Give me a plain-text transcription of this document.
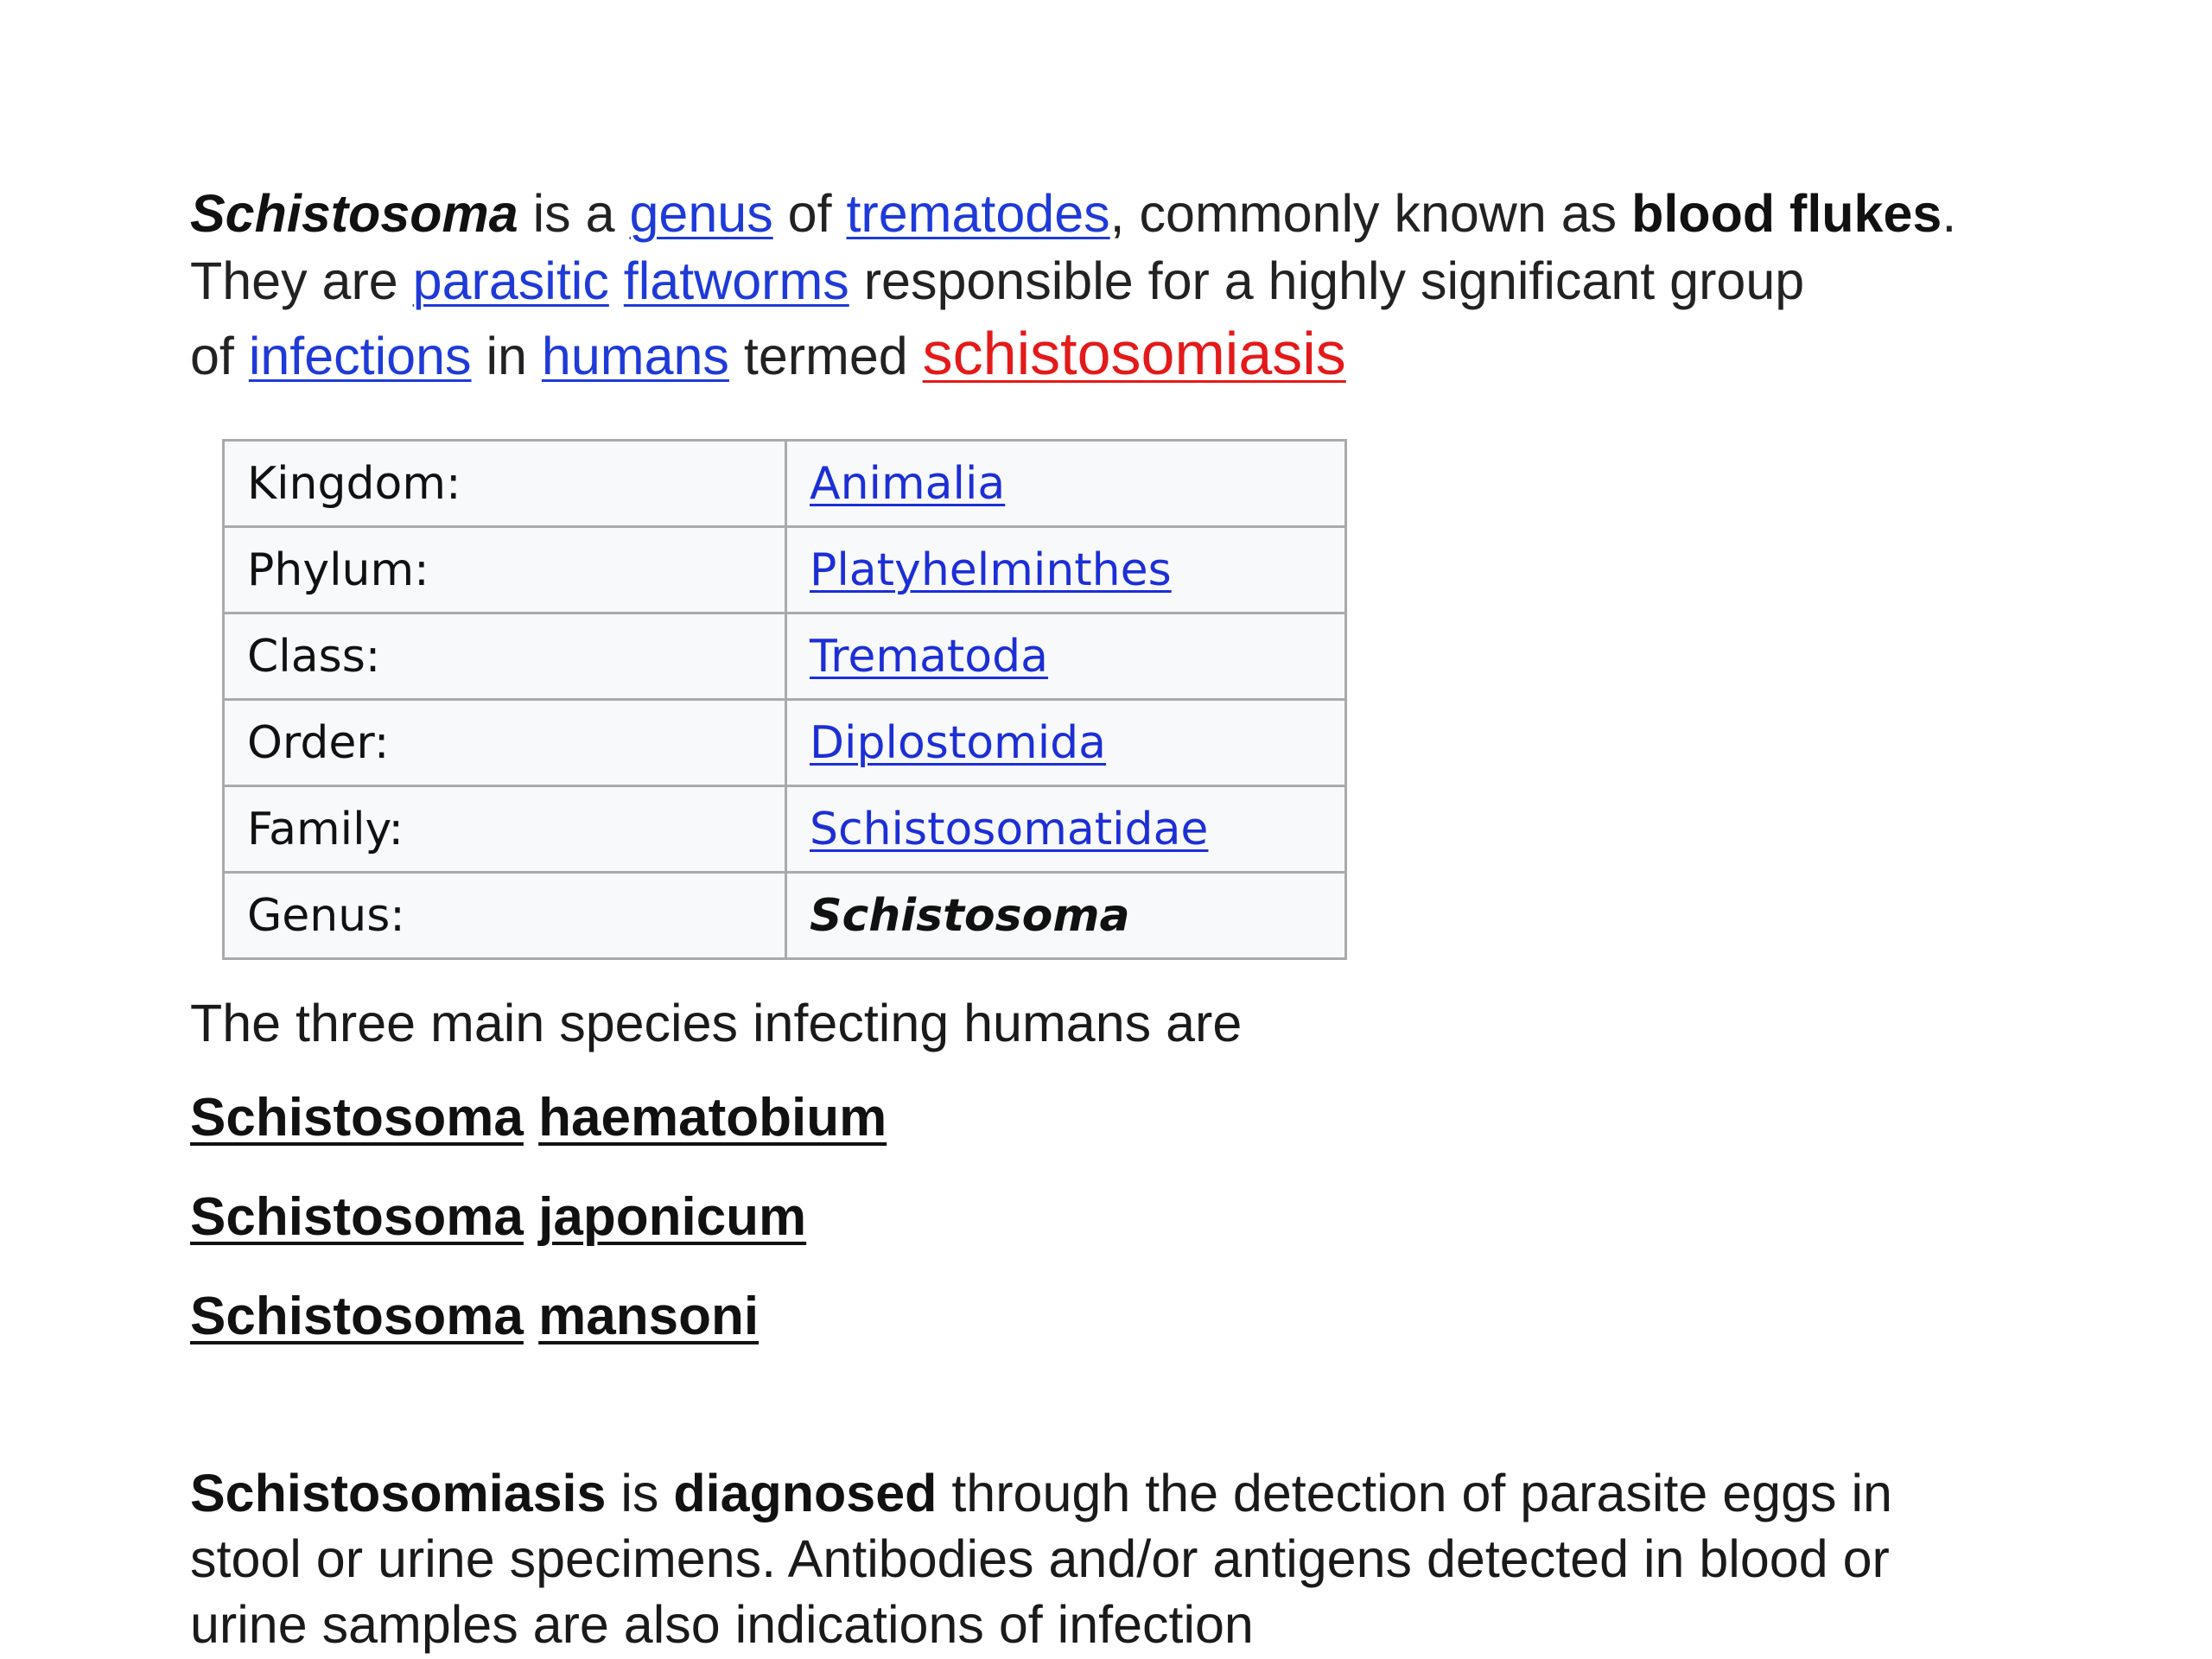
Schistosoma is a genus of trematodes, commonly known as blood flukes.
They are parasitic flatworms responsible for a highly significant group
of infections in humans termed schistosomiasis

Kingdom:	Animalia
Phylum:	Platyhelminthes
Class:	Trematoda
Order:	Diplostomida
Family:	Schistosomatidae
Genus:	Schistosoma

The three main species infecting humans are

Schistosoma haematobium

Schistosoma japonicum

Schistosoma mansoni

Schistosomiasis is diagnosed through the detection of parasite eggs in
stool or urine specimens. Antibodies and/or antigens detected in blood or
urine samples are also indications of infection
